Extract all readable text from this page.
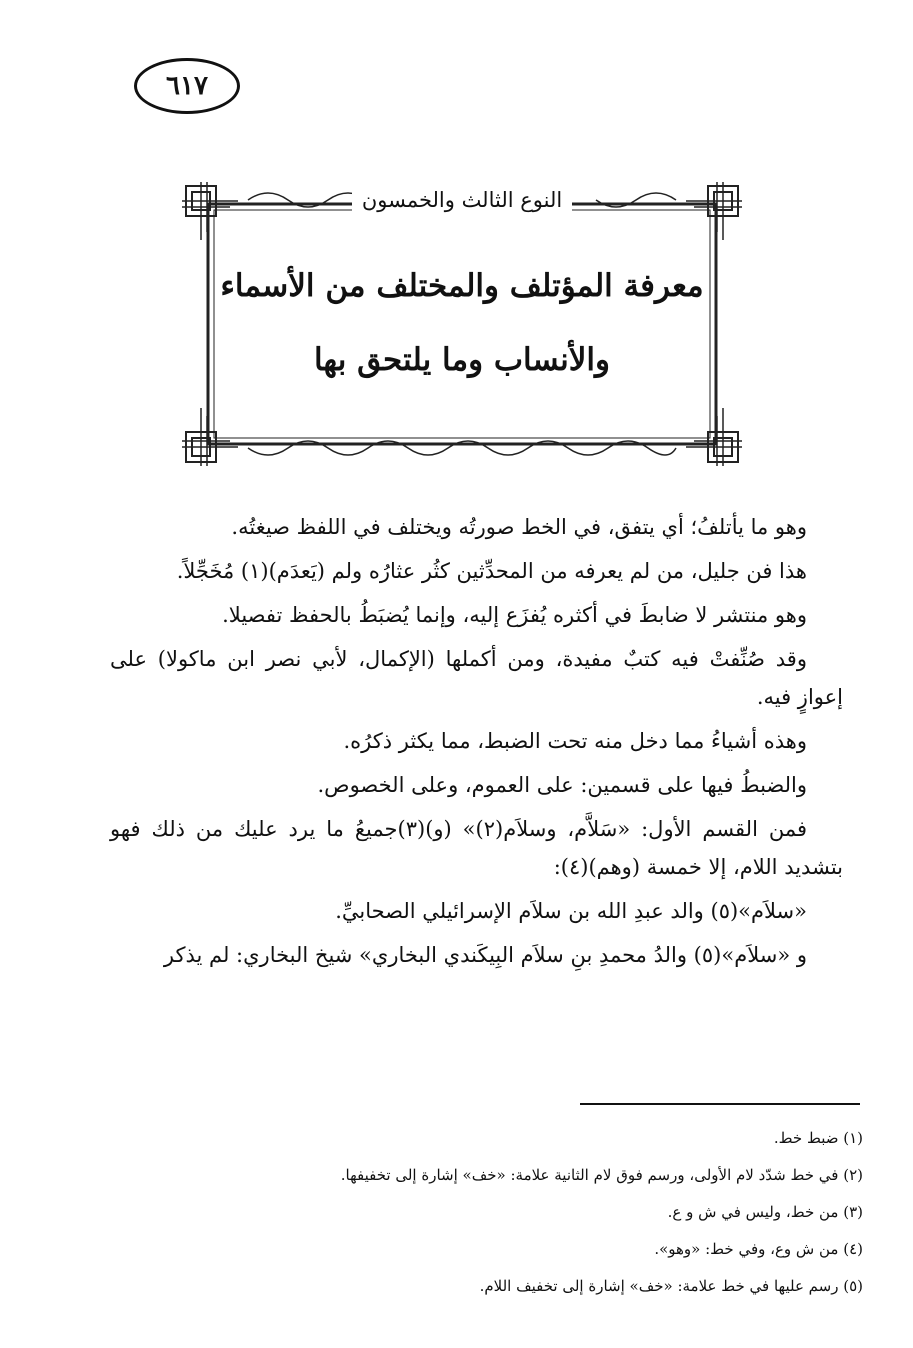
٦١٧
النوع الثالث والخمسون
معرفة المؤتلف والمختلف من الأسماء
والأنساب وما يلتحق بها

وهو ما يأتلفُ؛ أي يتفق، في الخط صورتُه ويختلف في اللفظ صيغتُه.

هذا فن جليل، من لم يعرفه من المحدِّثين كثُر عثارُه ولم (يَعدَم)(١) مُخَجِّلاً.

وهو منتشر لا ضابطَ في أكثره يُفزَع إليه، وإنما يُضبَطُ بالحفظ تفصيلا.

وقد صُنِّفتْ فيه كتبٌ مفيدة، ومن أكملها (الإكمال، لأبي نصر ابن ماكولا) على إعوازٍ فيه.

وهذه أشياءُ مما دخل منه تحت الضبط، مما يكثر ذكرُه.

والضبطُ فيها على قسمين: على العموم، وعلى الخصوص.

فمن القسم الأول: «سَلاَّم، وسلاَم(٢)» (و)(٣)جميعُ ما يرد عليك من ذلك فهو بتشديد اللام، إلا خمسة (وهم)(٤):

«سلاَم»(٥) والد عبدِ الله بن سلاَم الإسرائيلي الصحابيِّ.

و «سلاَم»(٥) والدُ محمدِ بنِ سلاَم البِيكَندي البخاري» شيخ البخاري: لم يذكر

(١) ضبط خط.
(٢) في خط شدّد لام الأولى، ورسم فوق لام الثانية علامة: «خف» إشارة إلى تخفيفها.
(٣) من خط، وليس في ش و ع.
(٤) من ش وع، وفي خط: «وهو».
(٥) رسم عليها في خط علامة: «خف» إشارة إلى تخفيف اللام.
